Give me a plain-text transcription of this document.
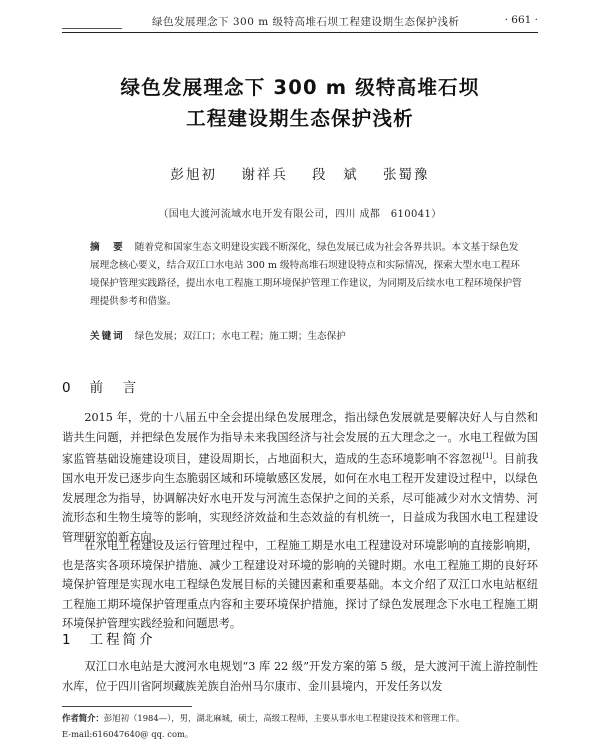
绿色发展理念下 300 m 级特高堆石坝工程建设期生态保护浅析	· 661 ·
绿色发展理念下 300 m 级特高堆石坝
工程建设期生态保护浅析
彭旭初 谢祥兵 段　斌 张蜀豫
（国电大渡河流域水电开发有限公司，四川 成都　610041）
摘　要 随着党和国家生态文明建设实践不断深化，绿色发展已成为社会各界共识。本文基于绿色发展理念核心要义，结合双江口水电站 300 m 级特高堆石坝建设特点和实际情况，探索大型水电工程环境保护管理实践路径，提出水电工程施工期环境保护管理工作建议，为同期及后续水电工程环境保护管理提供参考和借鉴。
关键词 绿色发展；双江口；水电工程；施工期；生态保护
0 前　言
2015 年，党的十八届五中全会提出绿色发展理念，指出绿色发展就是要解决好人与自然和谐共生问题，并把绿色发展作为指导未来我国经济与社会发展的五大理念之一。水电工程做为国家监管基础设施建设项目，建设周期长，占地面积大，造成的生态环境影响不容忽视[1]。目前我国水电开发已逐步向生态脆弱区域和环境敏感区发展，如何在水电工程开发建设过程中，以绿色发展理念为指导，协调解决好水电开发与河流生态保护之间的关系，尽可能减少对水文情势、河流形态和生物生境等的影响，实现经济效益和生态效益的有机统一，日益成为我国水电工程建设管理研究的新方向。
在水电工程建设及运行管理过程中，工程施工期是水电工程建设对环境影响的直接影响期，也是落实各项环境保护措施、减少工程建设对环境的影响的关键时期。水电工程施工期的良好环境保护管理是实现水电工程绿色发展目标的关键因素和重要基础。本文介绍了双江口水电站枢纽工程施工期环境保护管理重点内容和主要环境保护措施，探讨了绿色发展理念下水电工程施工期环境保护管理实践经验和问题思考。
1 工程简介
双江口水电站是大渡河水电规划“3 库 22 级”开发方案的第 5 级，是大渡河干流上游控制性水库，位于四川省阿坝藏族羌族自治州马尔康市、金川县境内，开发任务以发
作者简介：彭旭初（1984—），男，湖北麻城，硕士，高级工程师，主要从事水电工程建设技术和管理工作。
E-mail:616047640@ qq. com。
